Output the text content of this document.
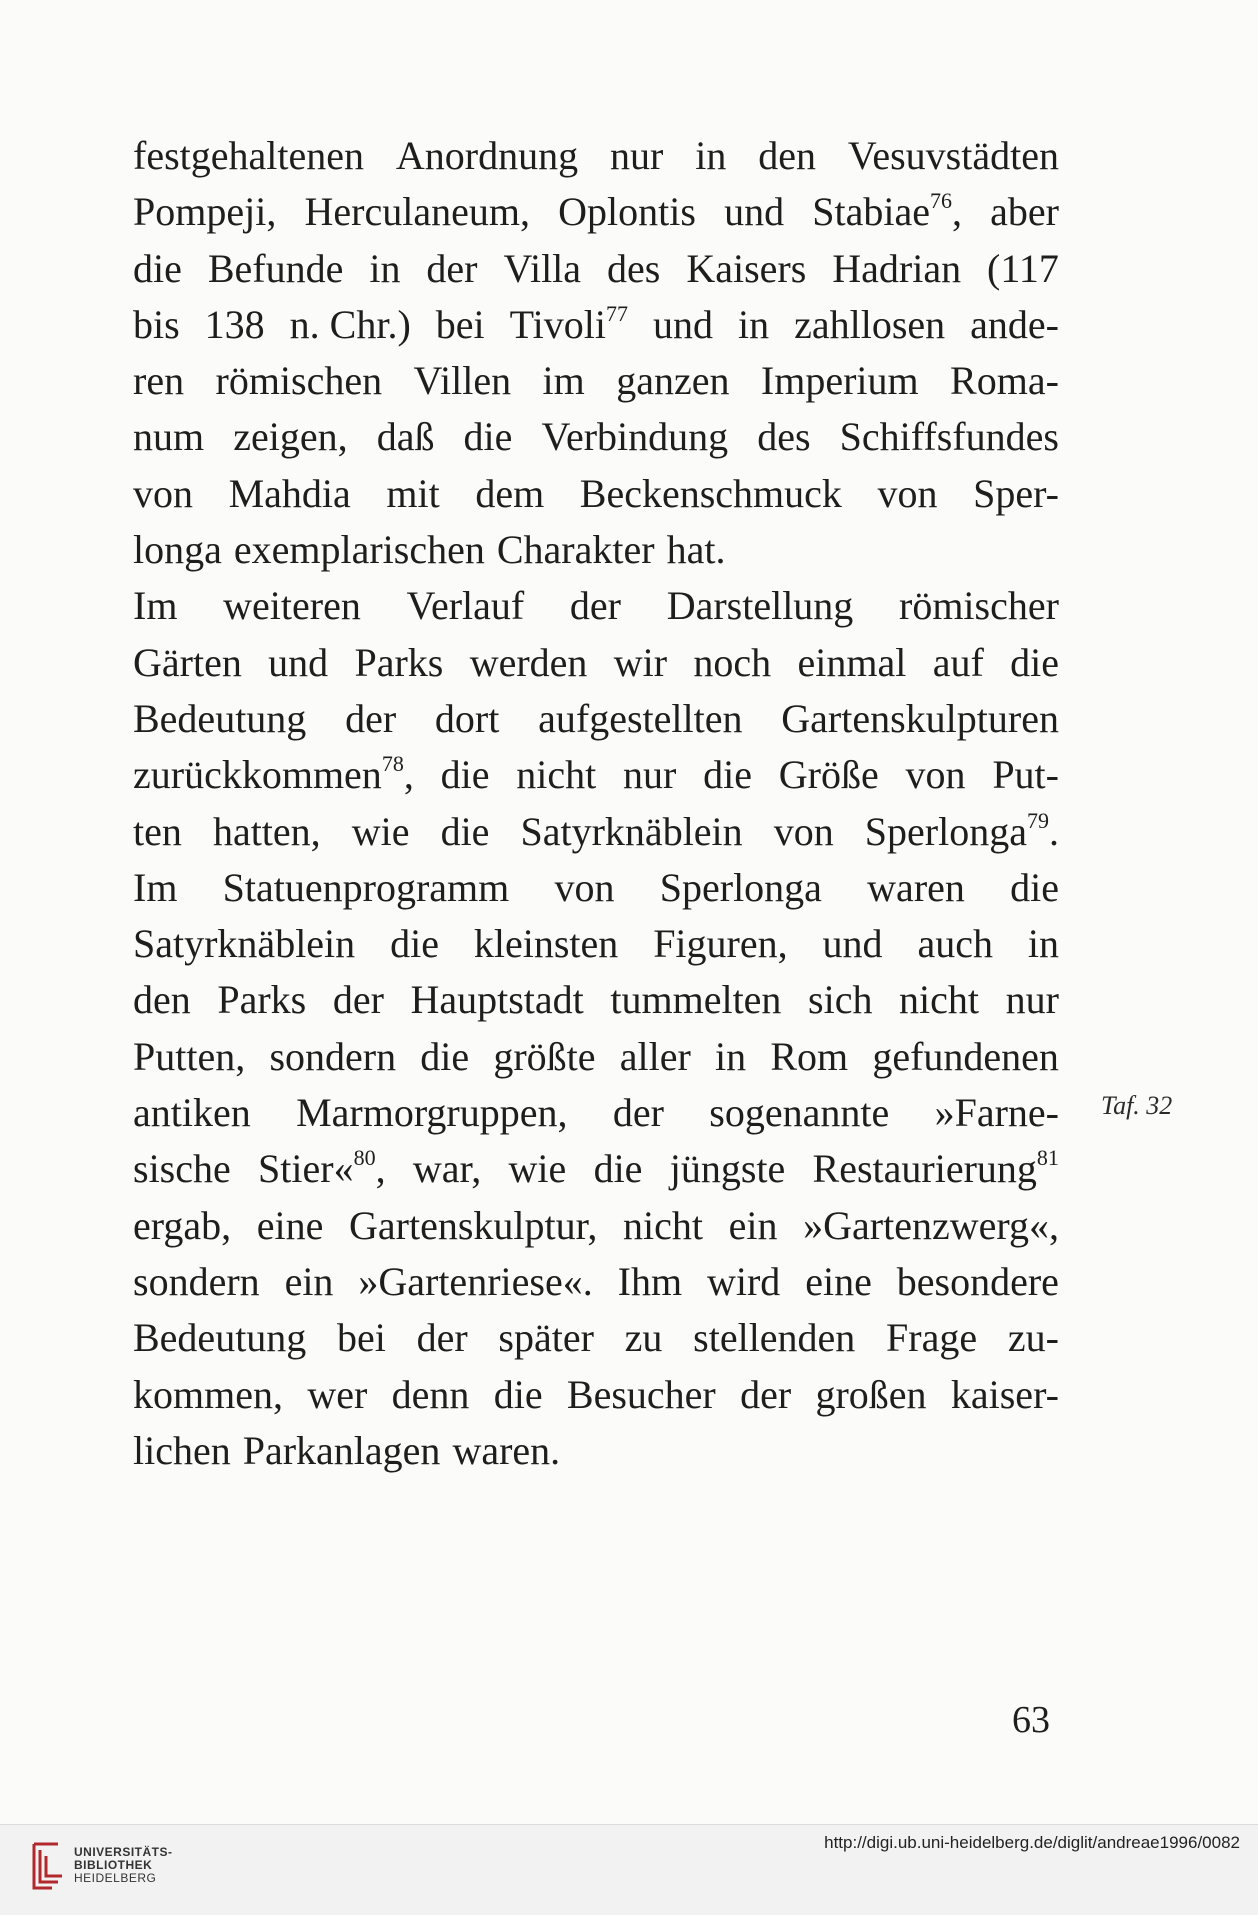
festgehaltenen Anordnung nur in den Vesuvstädten
Pompeji, Herculaneum, Oplontis und Stabiae$^{76}$, aber
die Befunde in der Villa des Kaisers Hadrian (117
bis 138 n. Chr.) bei Tivoli$^{77}$ und in zahllosen ande-
ren römischen Villen im ganzen Imperium Roma-
num zeigen, daß die Verbindung des Schiffsfundes
von Mahdia mit dem Beckenschmuck von Sper-
longa exemplarischen Charakter hat.
Im weiteren Verlauf der Darstellung römischer
Gärten und Parks werden wir noch einmal auf die
Bedeutung der dort aufgestellten Gartenskulpturen
zurückkommen$^{78}$, die nicht nur die Größe von Put-
ten hatten, wie die Satyrknäblein von Sperlonga$^{79}$.
Im Statuenprogramm von Sperlonga waren die
Satyrknäblein die kleinsten Figuren, und auch in
den Parks der Hauptstadt tummelten sich nicht nur
Putten, sondern die größte aller in Rom gefundenen
antiken Marmorgruppen, der sogenannte »Farne-
sische Stier«$^{80}$, war, wie die jüngste Restaurierung$^{81}$
ergab, eine Gartenskulptur, nicht ein »Gartenzwerg«,
sondern ein »Gartenriese«. Ihm wird eine besondere
Bedeutung bei der später zu stellenden Frage zu-
kommen, wer denn die Besucher der großen kaiser-
lichen Parkanlagen waren.
Taf. 32
63
UNIVERSITÄTS-
BIBLIOTHEK
HEIDELBERG
http://digi.ub.uni-heidelberg.de/diglit/andreae1996/0082
